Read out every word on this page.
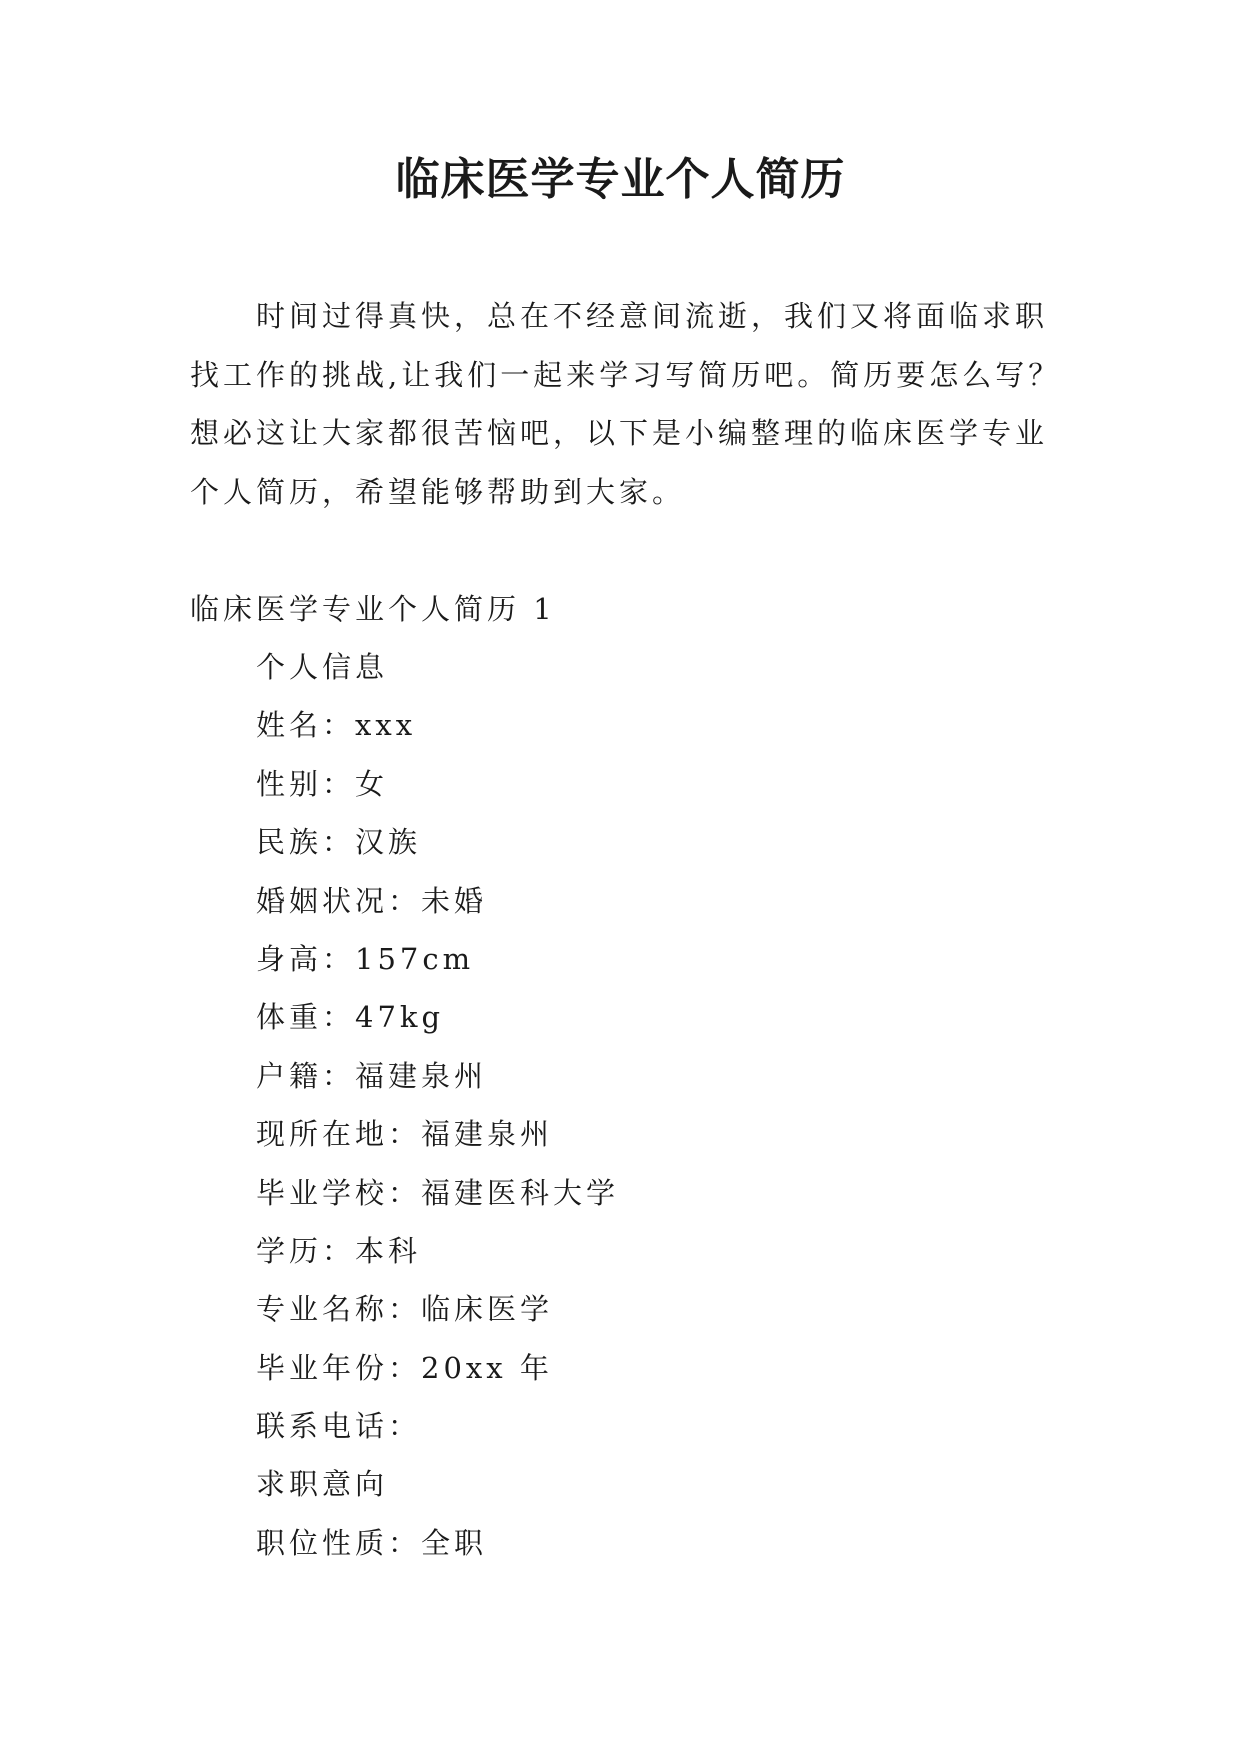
临床医学专业个人简历

时间过得真快，总在不经意间流逝，我们又将面临求职
找工作的挑战,让我们一起来学习写简历吧。简历要怎么写？
想必这让大家都很苦恼吧，以下是小编整理的临床医学专业
个人简历，希望能够帮助到大家。

临床医学专业个人简历 1
个人信息
姓名：xxx
性别：女
民族：汉族
婚姻状况：未婚
身高：157cm
体重：47kg
户籍：福建泉州
现所在地：福建泉州
毕业学校：福建医科大学
学历：本科
专业名称：临床医学
毕业年份：20xx 年
联系电话：
求职意向
职位性质：全职
